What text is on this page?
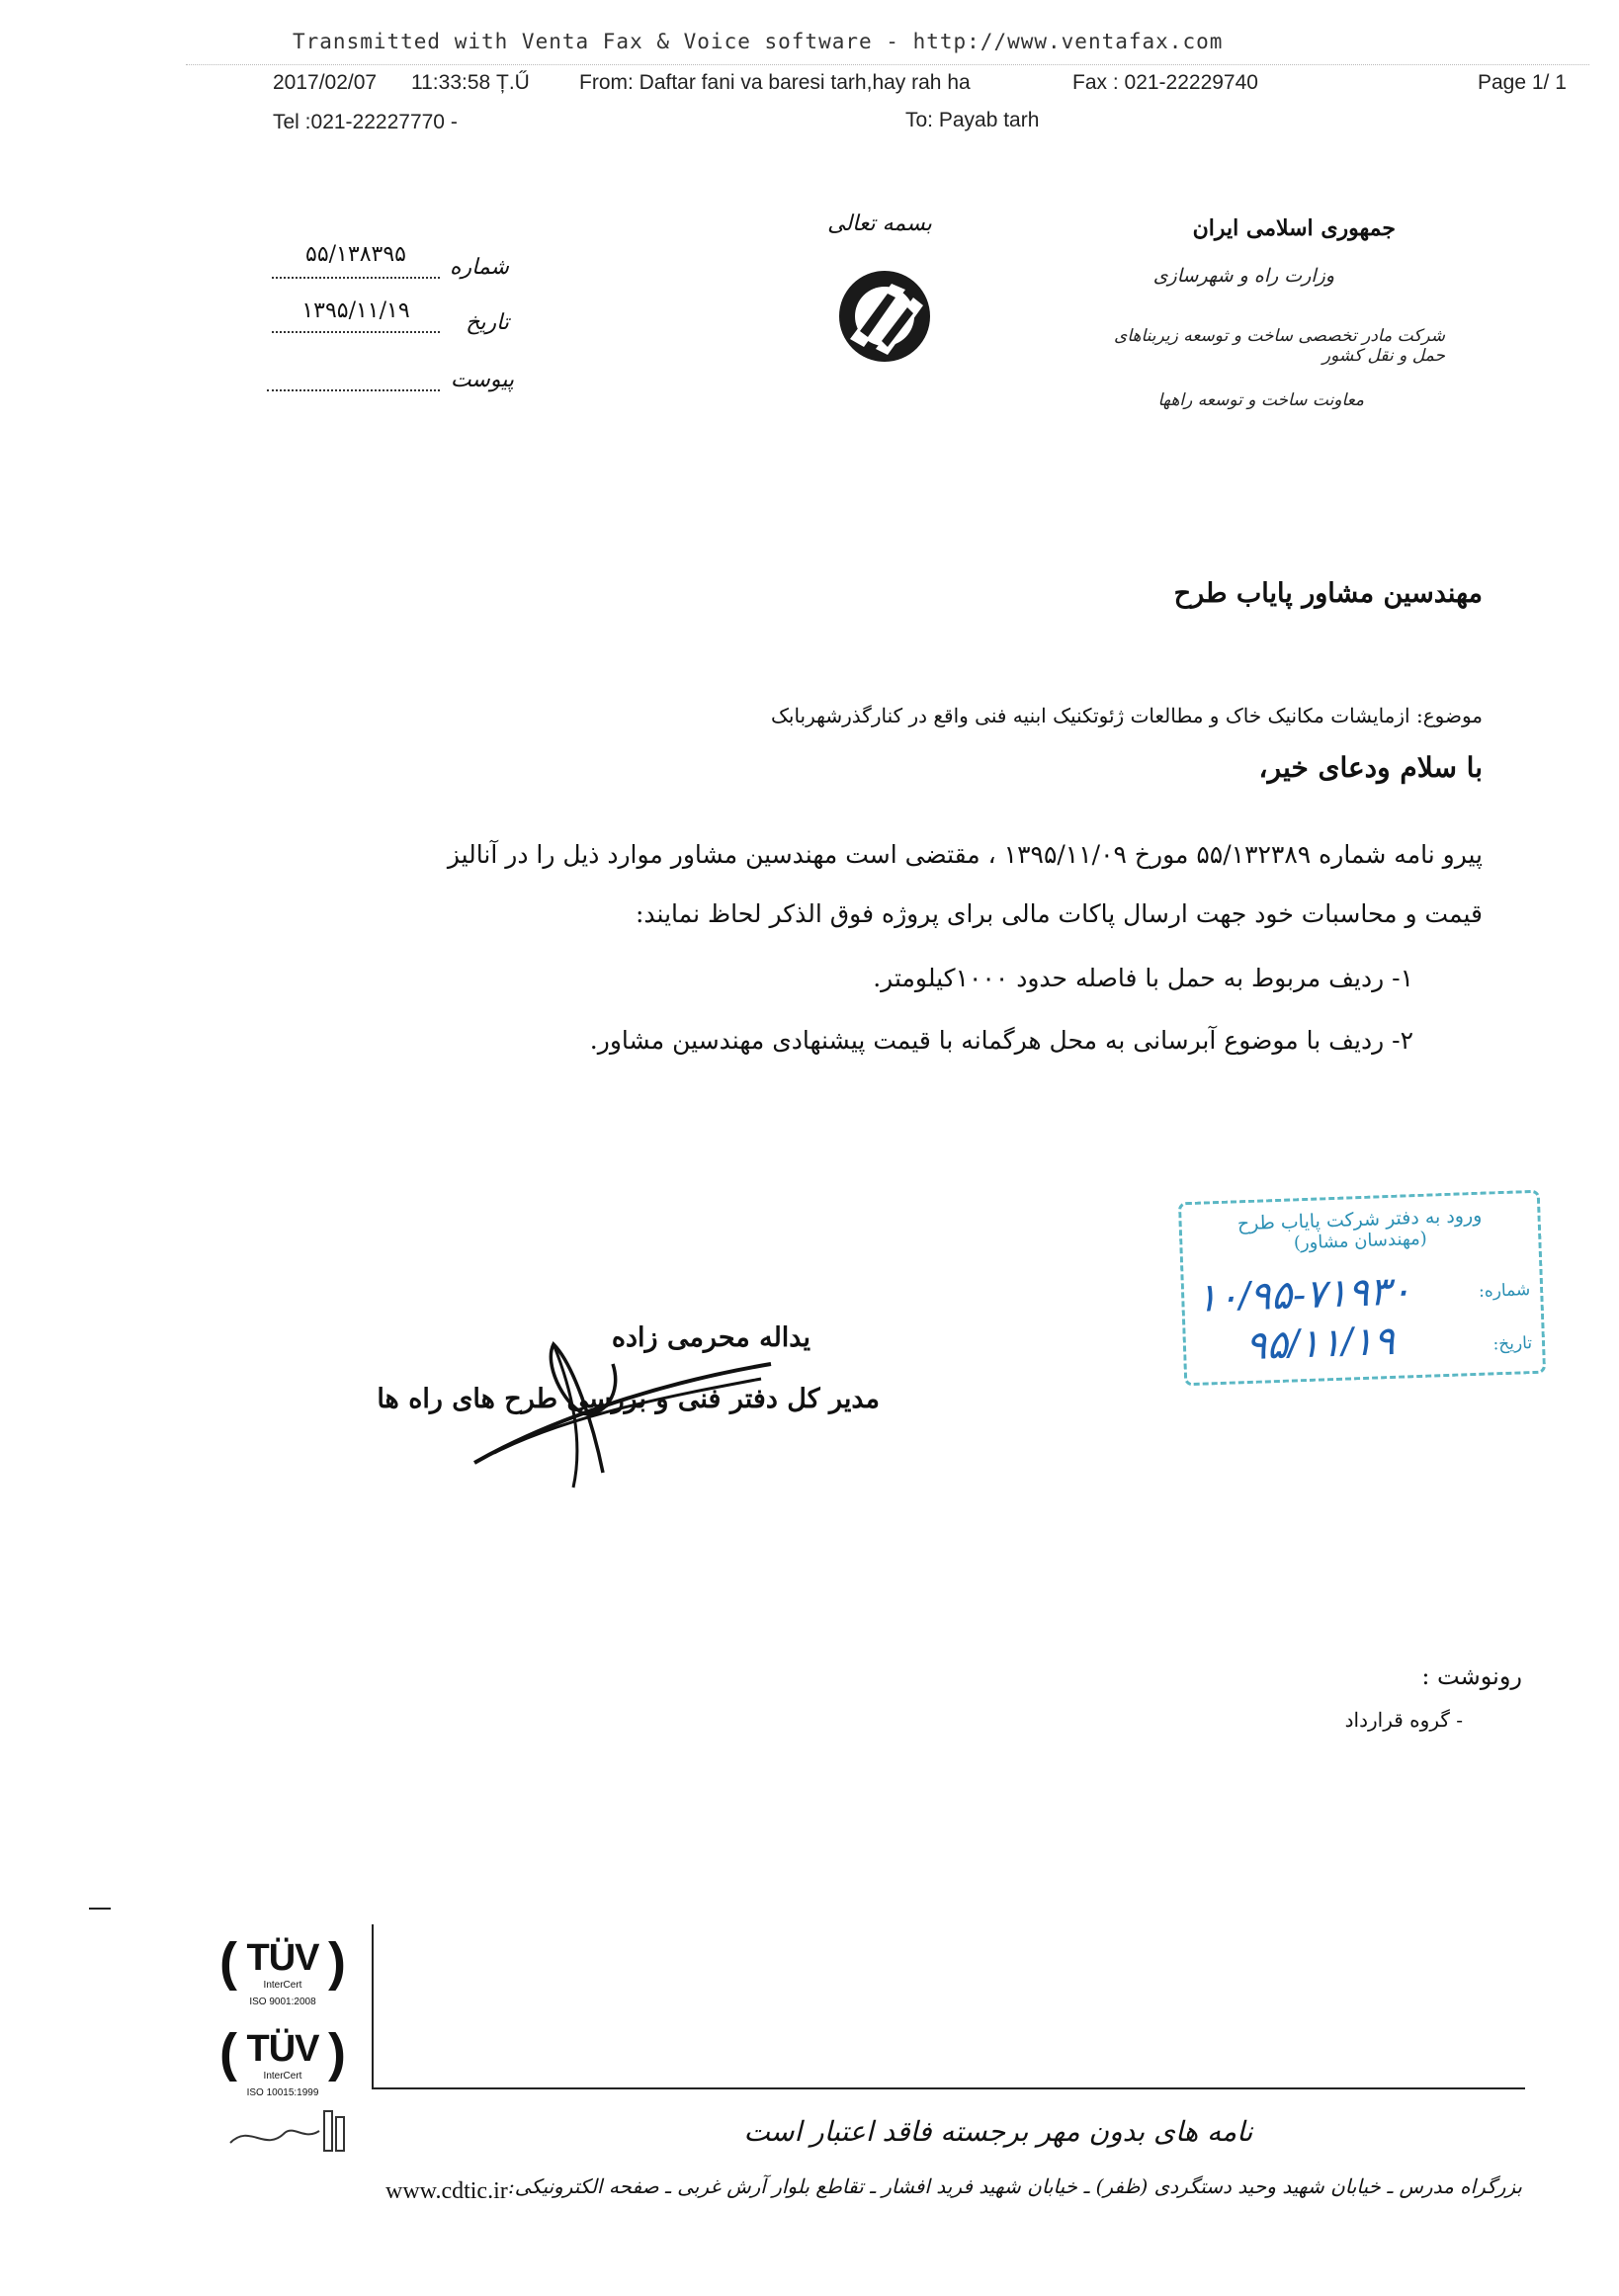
Transmitted with Venta Fax & Voice software - http://www.ventafax.com
2017/02/07 11:33:58 Ț.Ű From: Daftar fani va baresi tarh,hay rah ha	Fax : 021-22229740	Page 1/ 1
Tel :021-22227770 -	To: Payab tarh
بسمه تعالی	جمهوری اسلامی ایران
وزارت راه و شهرسازی
شرکت مادر تخصصی ساخت و توسعه زیربناهای حمل و نقل کشور
معاونت ساخت و توسعه راهها
شماره
۵۵/۱۳۸۳۹۵
تاریخ
۱۳۹۵/۱۱/۱۹
پیوست
مهندسین مشاور پایاب طرح
موضوع: ازمایشات مکانیک خاک و مطالعات ژئوتکنیک ابنیه فنی واقع در کنارگذرشهربابک
با سلام ودعای خیر،
پیرو نامه شماره ۵۵/۱۳۲۳۸۹ مورخ ۱۳۹۵/۱۱/۰۹ ، مقتضی است مهندسین مشاور موارد ذیل را در آنالیز
قیمت و محاسبات خود جهت ارسال پاکات مالی برای پروژه فوق الذکر لحاظ نمایند:
۱- ردیف مربوط به حمل با فاصله حدود ۱۰۰۰کیلومتر.
۲- ردیف با موضوع آبرسانی به محل هرگمانه با قیمت پیشنهادی مهندسین مشاور.
ورود به دفتر شرکت پایاب طرح
(مهندسان مشاور)
شماره:
۱۰/۹۵-۷۱۹۳۰
تاریخ:
۹۵/۱۱/۱۹
یداله محرمی زاده
مدیر کل دفتر فنی و بررسی طرح های راه ها
رونوشت :
- گروه قرارداد
( )
TÜV
InterCert
ISO 9001:2008
( )
TÜV
InterCert
ISO 10015:1999
نامه های بدون مهر برجسته فاقد اعتبار است
بزرگراه مدرس ـ خیابان شهید وحید دستگردی (ظفر) ـ خیابان شهید فرید افشار ـ تقاطع بلوار آرش غربی ـ صفحه الکترونیکی:
www.cdtic.ir
